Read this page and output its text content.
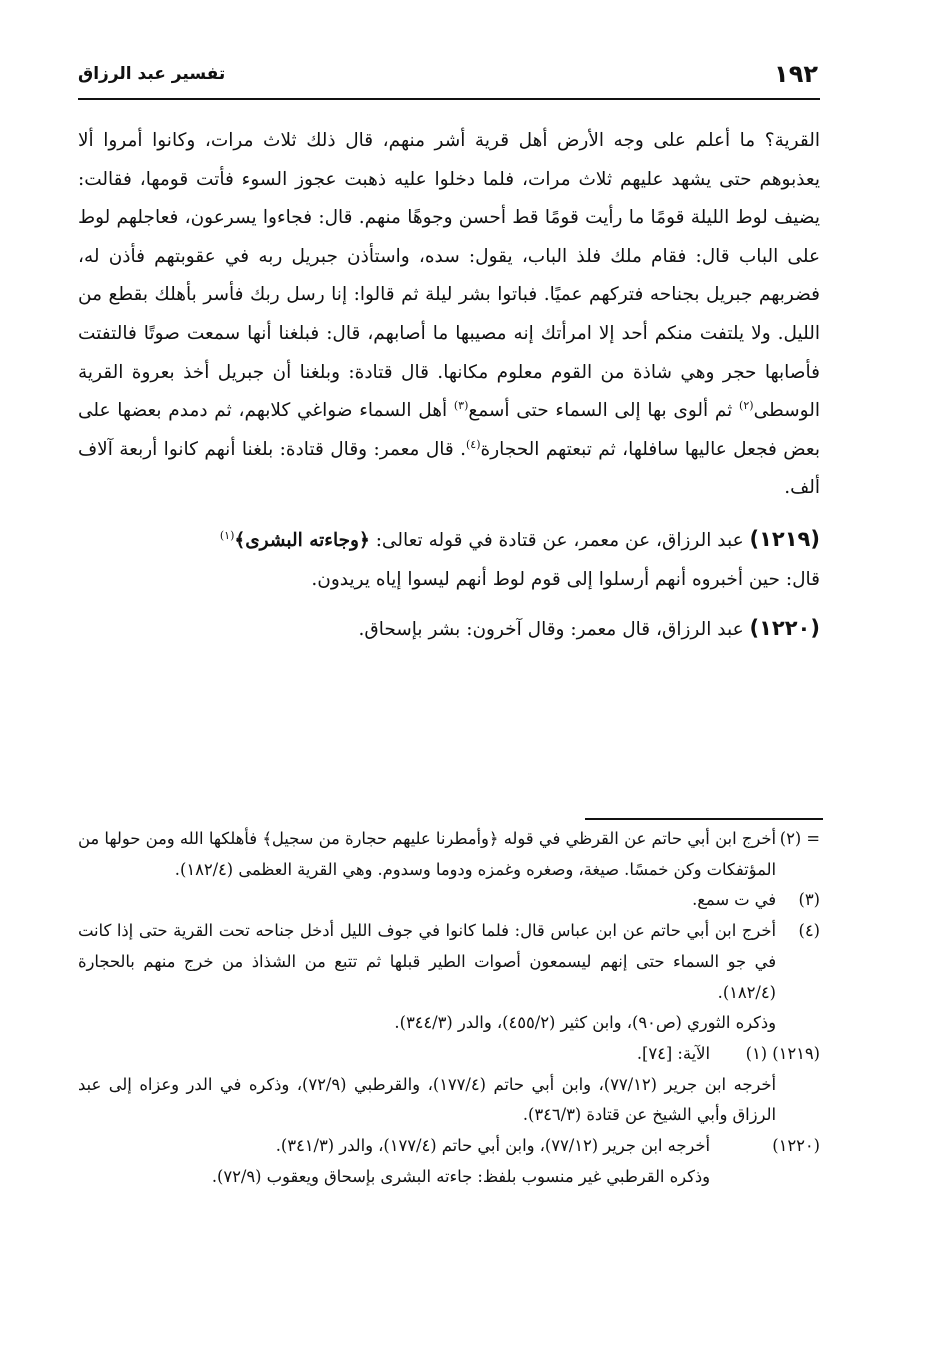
١٩٢
تفسير عبد الرزاق

القرية؟ ما أعلم على وجه الأرض أهل قرية أشر منهم، قال ذلك ثلاث مرات، وكانوا أمروا ألا يعذبوهم حتى يشهد عليهم ثلاث مرات، فلما دخلوا عليه ذهبت عجوز السوء فأتت قومها، فقالت: يضيف لوط الليلة قومًا ما رأيت قومًا قط أحسن وجوهًا منهم. قال: فجاءوا يسرعون، فعاجلهم لوط على الباب قال: فقام ملك فلذ الباب، يقول: سده، واستأذن جبريل ربه في عقوبتهم فأذن له، فضربهم جبريل بجناحه فتركهم عميًا. فباتوا بشر ليلة ثم قالوا: إنا رسل ربك فأسر بأهلك بقطع من الليل. ولا يلتفت منكم أحد إلا امرأتك إنه مصيبها ما أصابهم، قال: فبلغنا أنها سمعت صوتًا فالتفتت فأصابها حجر وهي شاذة من القوم معلوم مكانها. قال قتادة: وبلغنا أن جبريل أخذ بعروة القرية الوسطى$^{(٢)}$ ثم ألوى بها إلى السماء حتى أسمع$^{(٣)}$ أهل السماء ضواغي كلابهم، ثم دمدم بعضها على بعض فجعل عاليها سافلها، ثم تبعتهم الحجارة$^{(٤)}$. قال معمر: وقال قتادة: بلغنا أنهم كانوا أربعة آلاف ألف.

(١٢١٩) عبد الرزاق، عن معمر، عن قتادة في قوله تعالى: ﴿وجاءته البشرى﴾$^{(١)}$

قال: حين أخبروه أنهم أرسلوا إلى قوم لوط أنهم ليسوا إياه يريدون.

(١٢٢٠) عبد الرزاق، قال معمر: وقال آخرون: بشر بإسحاق.

= (٢)
أخرج ابن أبي حاتم عن القرظي في قوله ﴿وأمطرنا عليهم حجارة من سجيل﴾ فأهلكها الله ومن حولها من المؤتفكات وكن خمسًا. صيغة، وصغره وغمزه ودوما وسدوم. وهي القرية العظمى (١٨٢/٤).
(٣)
في ت سمع.
(٤)
أخرج ابن أبي حاتم عن ابن عباس قال: فلما كانوا في جوف الليل أدخل جناحه تحت القرية حتى إذا كانت في جو السماء حتى إنهم ليسمعون أصوات الطير قبلها ثم تتبع من الشذاذ من خرج منهم بالحجارة (١٨٢/٤).
وذكره الثوري (ص٩٠)، وابن كثير (٤٥٥/٢)، والدر (٣٤٤/٣).
(١٢١٩) (١)
الآية: [٧٤].
أخرجه ابن جرير (٧٧/١٢)، وابن أبي حاتم (١٧٧/٤)، والقرطبي (٧٢/٩)، وذكره في الدر وعزاه إلى عبد الرزاق وأبي الشيخ عن قتادة (٣٤٦/٣).
(١٢٢٠)
أخرجه ابن جرير (٧٧/١٢)، وابن أبي حاتم (١٧٧/٤)، والدر (٣٤١/٣).
وذكره القرطبي غير منسوب بلفظ: جاءته البشرى بإسحاق ويعقوب (٧٢/٩).
